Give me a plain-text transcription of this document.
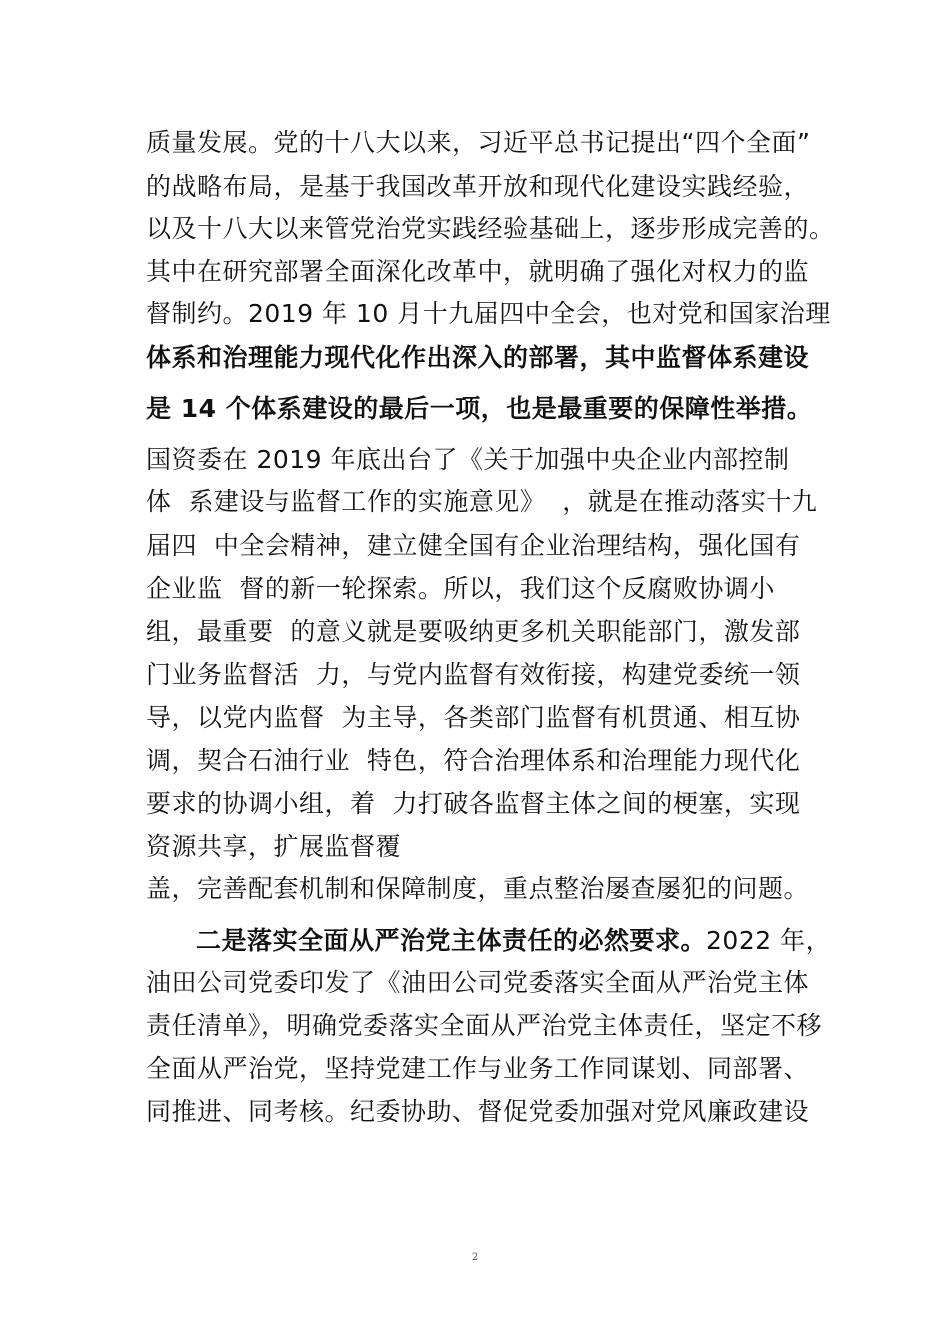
质量发展。党的十八大以来，习近平总书记提出“四个全面”
的战略布局，是基于我国改革开放和现代化建设实践经验，
以及十八大以来管党治党实践经验基础上，逐步形成完善的。
其中在研究部署全面深化改革中，就明确了强化对权力的监
督制约。2019 年 10 月十九届四中全会，也对党和国家治理
体系和治理能力现代化作出深入的部署，其中监督体系建设
是 14 个体系建设的最后一项，也是最重要的保障性举措。
国资委在 2019 年底出台了《关于加强中央企业内部控制
体  系建设与监督工作的实施意见》  ，就是在推动落实十九
届四  中全会精神，建立健全国有企业治理结构，强化国有
企业监  督的新一轮探索。所以，我们这个反腐败协调小
组，最重要  的意义就是要吸纳更多机关职能部门，激发部
门业务监督活  力，与党内监督有效衔接，构建党委统一领
导，以党内监督  为主导，各类部门监督有机贯通、相互协
调，契合石油行业  特色，符合治理体系和治理能力现代化
要求的协调小组，着  力打破各监督主体之间的梗塞，实现
资源共享，扩展监督覆
盖，完善配套机制和保障制度，重点整治屡查屡犯的问题。
二是落实全面从严治党主体责任的必然要求。2022 年，
油田公司党委印发了《油田公司党委落实全面从严治党主体
责任清单》，明确党委落实全面从严治党主体责任，坚定不移
全面从严治党，坚持党建工作与业务工作同谋划、同部署、
同推进、同考核。纪委协助、督促党委加强对党风廉政建设
2
